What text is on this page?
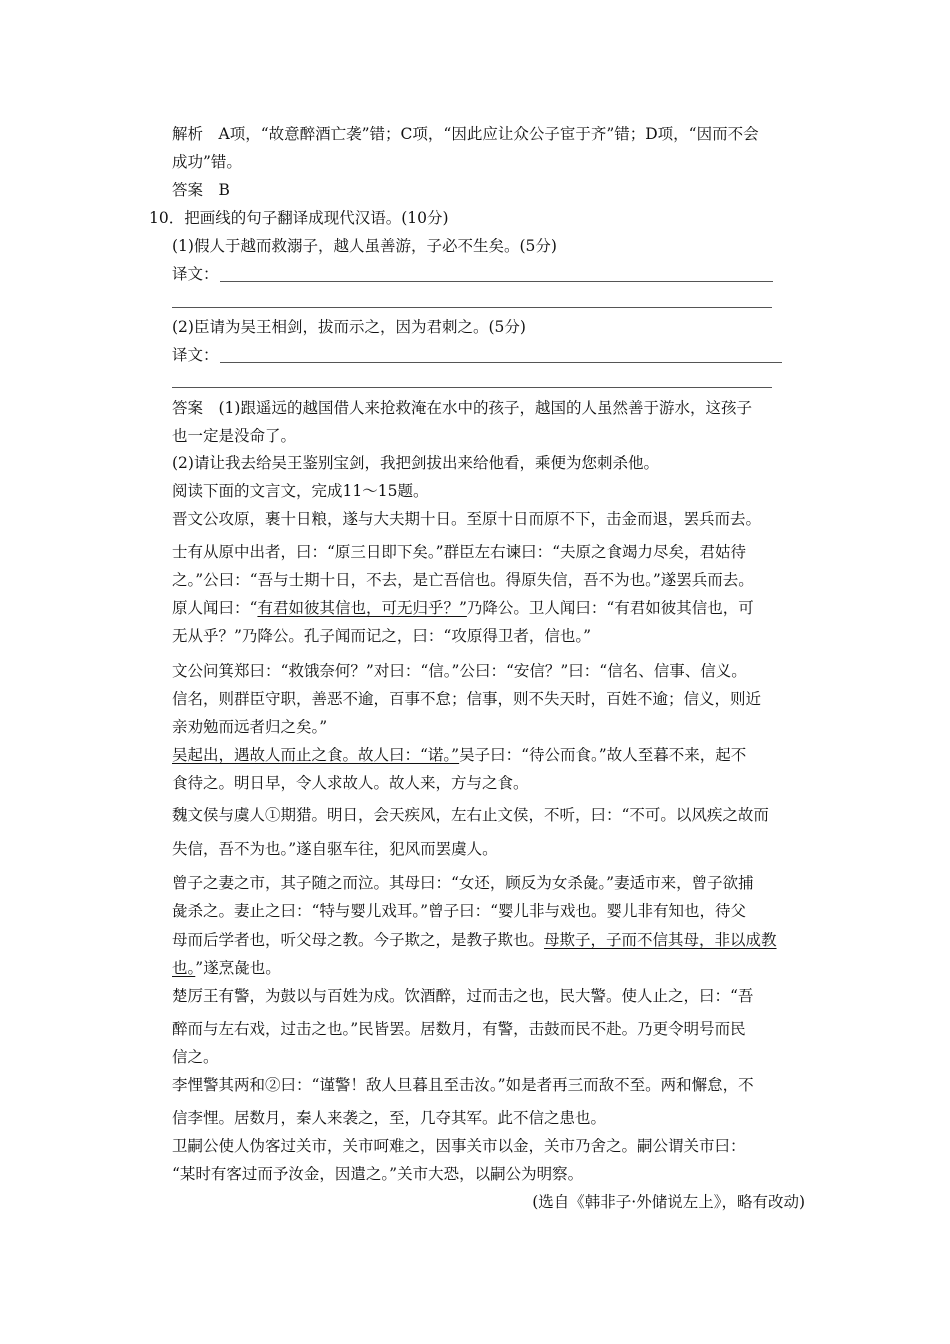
解析　A项，“故意醉酒亡袭”错；C项，“因此应让众公子宦于齐”错；D项，“因而不会
成功”错。
答案　B
10．把画线的句子翻译成现代汉语。(10分)
(1)假人于越而救溺子，越人虽善游，子必不生矣。(5分)
译文：
(2)臣请为吴王相剑，拔而示之，因为君刺之。(5分)
译文：
答案　(1)跟遥远的越国借人来抢救淹在水中的孩子，越国的人虽然善于游水，这孩子
也一定是没命了。
(2)请让我去给吴王鉴别宝剑，我把剑拔出来给他看，乘便为您刺杀他。
阅读下面的文言文，完成11～15题。
晋文公攻原，裹十日粮，遂与大夫期十日。至原十日而原不下，击金而退，罢兵而去。
士有从原中出者，曰：“原三日即下矣。”群臣左右谏曰：“夫原之食竭力尽矣，君姑待
之。”公曰：“吾与士期十日，不去，是亡吾信也。得原失信，吾不为也。”遂罢兵而去。
原人闻曰：“有君如彼其信也，可无归乎？”乃降公。卫人闻曰：“有君如彼其信也，可
无从乎？”乃降公。孔子闻而记之，曰：“攻原得卫者，信也。”
文公问箕郑曰：“救饿奈何？”对曰：“信。”公曰：“安信？”曰：“信名、信事、信义。
信名，则群臣守职，善恶不逾，百事不怠；信事，则不失天时，百姓不逾；信义，则近
亲劝勉而远者归之矣。”
吴起出，遇故人而止之食。故人曰：“诺。”吴子曰：“待公而食。”故人至暮不来，起不
食待之。明日早，令人求故人。故人来，方与之食。
魏文侯与虞人①期猎。明日，会天疾风，左右止文侯，不听，曰：“不可。以风疾之故而
失信，吾不为也。”遂自驱车往，犯风而罢虞人。
曾子之妻之市，其子随之而泣。其母曰：“女还，顾反为女杀彘。”妻适市来，曾子欲捕
彘杀之。妻止之曰：“特与婴儿戏耳。”曾子曰：“婴儿非与戏也。婴儿非有知也，待父
母而后学者也，听父母之教。今子欺之，是教子欺也。母欺子，子而不信其母，非以成教
也。”遂烹彘也。
楚厉王有警，为鼓以与百姓为戍。饮酒醉，过而击之也，民大警。使人止之，曰：“吾
醉而与左右戏，过击之也。”民皆罢。居数月，有警，击鼓而民不赴。乃更令明号而民
信之。
李悝警其两和②曰：“谨警！敌人旦暮且至击汝。”如是者再三而敌不至。两和懈怠，不
信李悝。居数月，秦人来袭之，至，几夺其军。此不信之患也。
卫嗣公使人伪客过关市，关市呵难之，因事关市以金，关市乃舍之。嗣公谓关市曰：
“某时有客过而予汝金，因遣之。”关市大恐，以嗣公为明察。
(选自《韩非子·外储说左上》，略有改动)
